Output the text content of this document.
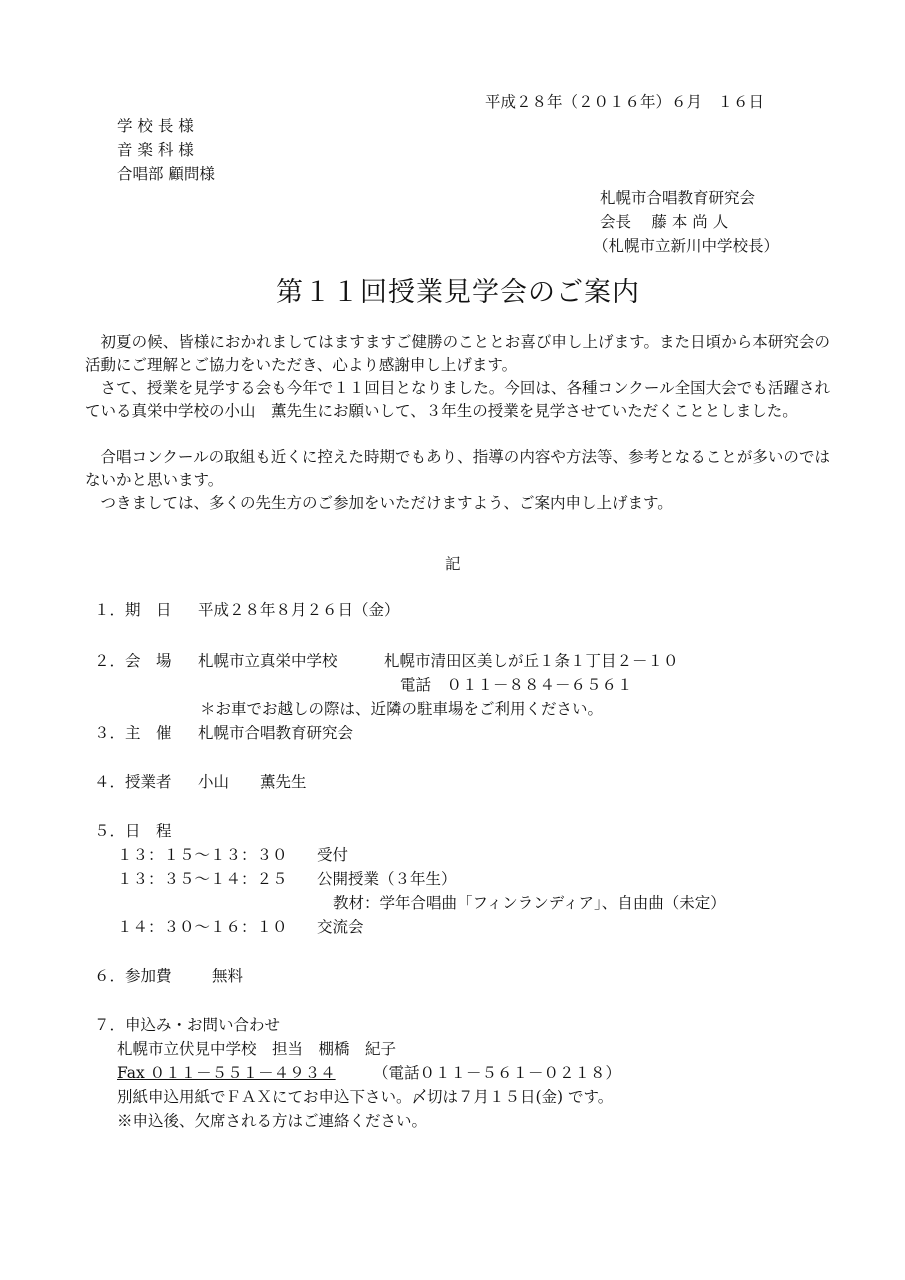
平成２８年（２０１６年）６月　１６日
学 校 長 様
音 楽 科 様
合唱部 顧問様
札幌市合唱教育研究会
会長　 藤 本 尚 人
（札幌市立新川中学校長）
第１１回授業見学会のご案内

初夏の候、皆様におかれましてはますますご健勝のこととお喜び申し上げます。また日頃から本研究会の活動にご理解とご協力をいただき、心より感謝申し上げます。

さて、授業を見学する会も今年で１１回目となりました。今回は、各種コンクール全国大会でも活躍されている真栄中学校の小山　薫先生にお願いして、３年生の授業を見学させていただくこととしました。

合唱コンクールの取組も近くに控えた時期でもあり、指導の内容や方法等、参考となることが多いのではないかと思います。

つきましては、多くの先生方のご参加をいただけますよう、ご案内申し上げます。

記
１．期　日 平成２８年８月２６日（金）
２．会　場 札幌市立真栄中学校	札幌市清田区美しが丘１条１丁目２－１０
電話　０１１－８８４－６５６１
＊お車でお越しの際は、近隣の駐車場をご利用ください。
３．主　催 札幌市合唱教育研究会
４．授業者 小山　　薫先生
５．日　程
１３：１５～１３：３０ 受付
１３：３５～１４：２５ 公開授業（３年生）
教材：学年合唱曲「フィンランディア」、自由曲（未定）
１４：３０～１６：１０ 交流会
６．参加費	無料
７．申込み・お問い合わせ
札幌市立伏見中学校　担当　棚橋　紀子
Fax ０１１－５５１－４９３４ （電話０１１－５６１－０２１８）
別紙申込用紙でＦＡＸにてお申込下さい。〆切は７月１５日(金) です。
※申込後、欠席される方はご連絡ください。
